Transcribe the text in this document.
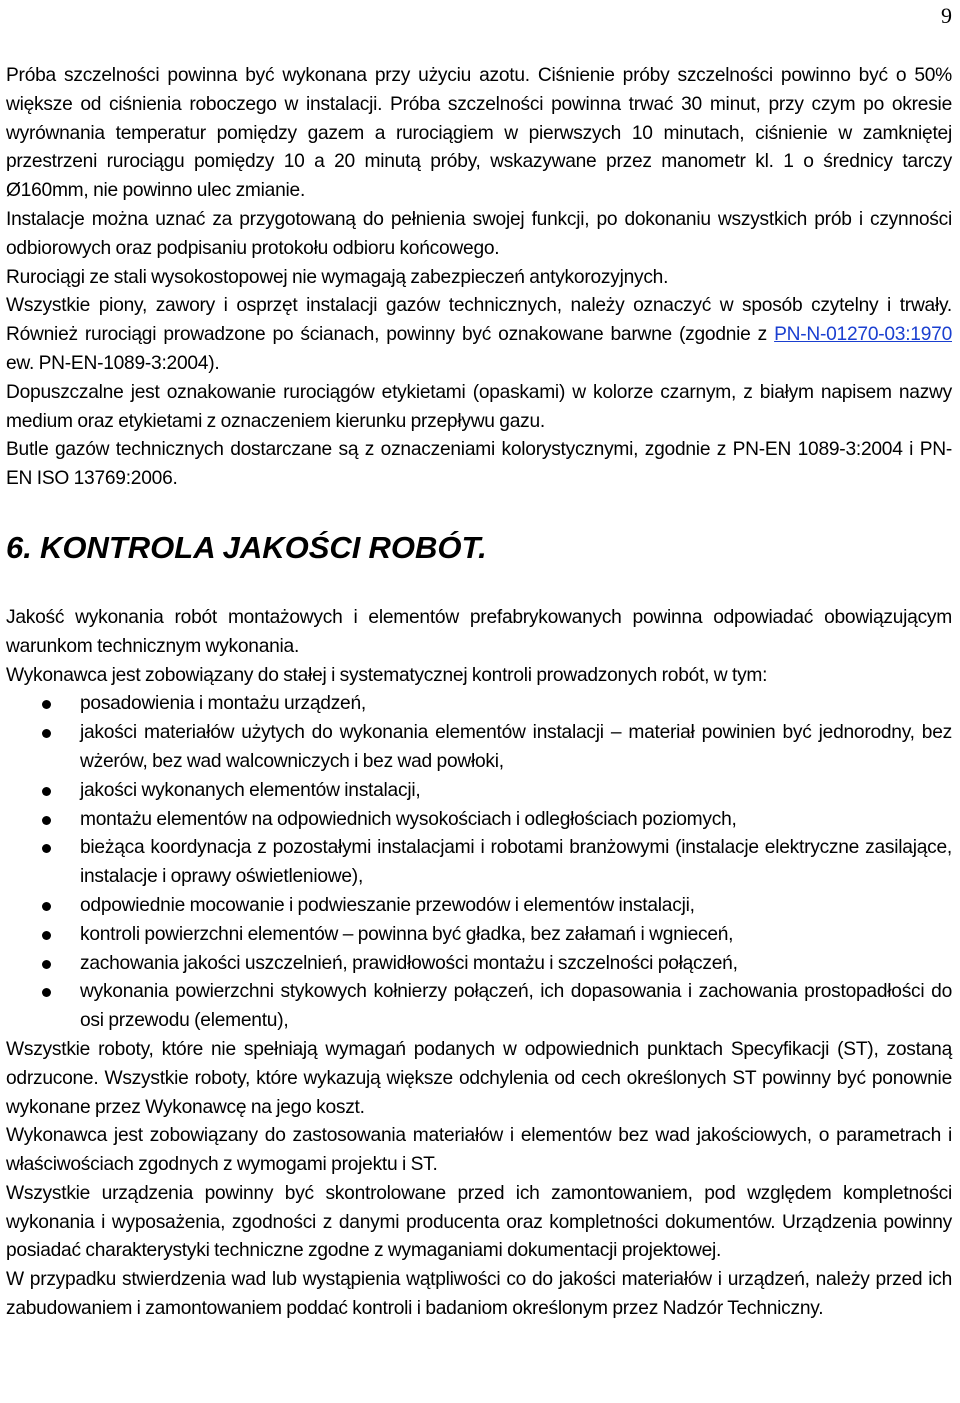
9

Próba szczelności powinna być wykonana przy użyciu azotu. Ciśnienie próby szczelności powinno być o 50% większe od ciśnienia roboczego w instalacji. Próba szczelności powinna trwać 30 minut, przy czym po okresie wyrównania temperatur pomiędzy gazem a rurociągiem w pierwszych 10 minutach, ciśnienie w zamkniętej przestrzeni rurociągu pomiędzy 10 a 20 minutą próby, wskazywane przez manometr kl. 1 o średnicy tarczy Ø160mm, nie powinno ulec zmianie.

Instalacje można uznać za przygotowaną do pełnienia swojej funkcji, po dokonaniu wszystkich prób i czynności odbiorowych oraz podpisaniu protokołu odbioru końcowego.

Rurociągi ze stali wysokostopowej nie wymagają zabezpieczeń antykorozyjnych.

Wszystkie piony, zawory i osprzęt instalacji gazów technicznych, należy oznaczyć w sposób czytelny i trwały. Również rurociągi prowadzone po ścianach, powinny być oznakowane barwne (zgodnie z PN-N-01270-03:1970 ew. PN-EN-1089-3:2004).

Dopuszczalne jest oznakowanie rurociągów etykietami (opaskami) w kolorze czarnym, z białym napisem nazwy medium oraz etykietami z oznaczeniem kierunku przepływu gazu.

Butle gazów technicznych dostarczane są z oznaczeniami kolorystycznymi, zgodnie z PN-EN 1089-3:2004 i PN-EN ISO 13769:2006.

6. KONTROLA JAKOŚCI ROBÓT.

Jakość wykonania robót montażowych i elementów prefabrykowanych powinna odpowiadać obowiązującym warunkom technicznym wykonania.

Wykonawca jest zobowiązany do stałej i systematycznej kontroli prowadzonych robót, w tym:

posadowienia i montażu urządzeń,
jakości materiałów użytych do wykonania elementów instalacji – materiał powinien być jednorodny, bez wżerów, bez wad walcowniczych i bez wad powłoki,
jakości wykonanych elementów instalacji,
montażu elementów na odpowiednich wysokościach i odległościach poziomych,
bieżąca koordynacja z pozostałymi instalacjami i robotami branżowymi (instalacje elektryczne zasilające, instalacje i oprawy oświetleniowe),
odpowiednie mocowanie i podwieszanie przewodów i elementów instalacji,
kontroli powierzchni elementów – powinna być gładka, bez załamań i wgnieceń,
zachowania jakości uszczelnień, prawidłowości montażu i szczelności połączeń,
wykonania powierzchni stykowych kołnierzy połączeń, ich dopasowania i zachowania prostopadłości do osi przewodu (elementu),

Wszystkie roboty, które nie spełniają wymagań podanych w odpowiednich punktach Specyfikacji (ST), zostaną odrzucone. Wszystkie roboty, które wykazują większe odchylenia od cech określonych ST powinny być ponownie wykonane przez Wykonawcę na jego koszt.

Wykonawca jest zobowiązany do zastosowania materiałów i elementów bez wad jakościowych, o parametrach i właściwościach zgodnych z wymogami projektu i ST.

Wszystkie urządzenia powinny być skontrolowane przed ich zamontowaniem, pod względem kompletności wykonania i wyposażenia, zgodności z danymi producenta oraz kompletności dokumentów. Urządzenia powinny posiadać charakterystyki techniczne zgodne z wymaganiami dokumentacji projektowej.

W przypadku stwierdzenia wad lub wystąpienia wątpliwości co do jakości materiałów i urządzeń, należy przed ich zabudowaniem i zamontowaniem poddać kontroli i badaniom określonym przez Nadzór Techniczny.
